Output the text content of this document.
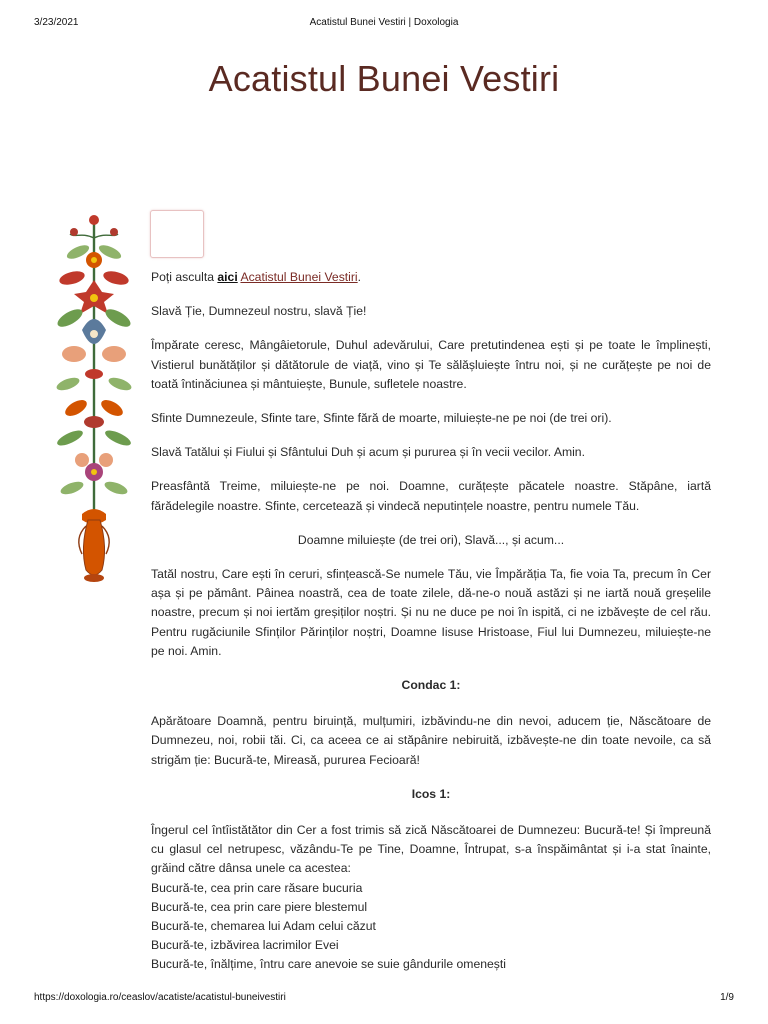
3/23/2021	Acatistul Bunei Vestiri | Doxologia
Acatistul Bunei Vestiri

Poți asculta aici Acatistul Bunei Vestiri.

Slavă Ție, Dumnezeul nostru, slavă Ție!

Împărate ceresc, Mângâietorule, Duhul adevărului, Care pretutindenea ești și pe toate le împlinești, Vistierul bunătăților și dătătorule de viață, vino și Te sălășluiește întru noi, și ne curățește pe noi de toată întinăciunea și mântuiește, Bunule, sufletele noastre.

Sfinte Dumnezeule, Sfinte tare, Sfinte fără de moarte, miluiește-ne pe noi (de trei ori).

Slavă Tatălui și Fiului și Sfântului Duh și acum și pururea și în vecii vecilor. Amin.

Preasfântă Treime, miluiește-ne pe noi. Doamne, curățește păcatele noastre. Stăpâne, iartă fărădelegile noastre. Sfinte, cercetează și vindecă neputințele noastre, pentru numele Tău.

Doamne miluiește (de trei ori), Slavă..., și acum...

Tatăl nostru, Care ești în ceruri, sfințească-Se numele Tău, vie Împărăția Ta, fie voia Ta, precum în Cer așa și pe pământ. Pâinea noastră, cea de toate zilele, dă-ne-o nouă astăzi și ne iartă nouă greșelile noastre, precum și noi iertăm greșiților noștri. Și nu ne duce pe noi în ispită, ci ne izbăvește de cel rău. Pentru rugăciunile Sfinților Părinților noștri, Doamne Iisuse Hristoase, Fiul lui Dumnezeu, miluiește-ne pe noi. Amin.

Condac 1:

Apărătoare Doamnă, pentru biruință, mulțumiri, izbăvindu-ne din nevoi, aducem ție, Născătoare de Dumnezeu, noi, robii tăi. Ci, ca aceea ce ai stăpânire nebiruită, izbăvește-ne din toate nevoile, ca să strigăm ție: Bucură-te, Mireasă, pururea Fecioară!

Icos 1:

Îngerul cel întîistătător din Cer a fost trimis să zică Născătoarei de Dumnezeu: Bucură-te! Și împreună cu glasul cel netrupesc, văzându-Te pe Tine, Doamne, Întrupat, s-a înspăimântat și i-a stat înainte, grăind către dânsa unele ca acestea:

Bucură-te, cea prin care răsare bucuria
Bucură-te, cea prin care piere blestemul
Bucură-te, chemarea lui Adam celui căzut
Bucură-te, izbăvirea lacrimilor Evei
Bucură-te, înălțime, întru care anevoie se suie gândurile omenești
https://doxologia.ro/ceaslov/acatiste/acatistul-buneivestiri	1/9
